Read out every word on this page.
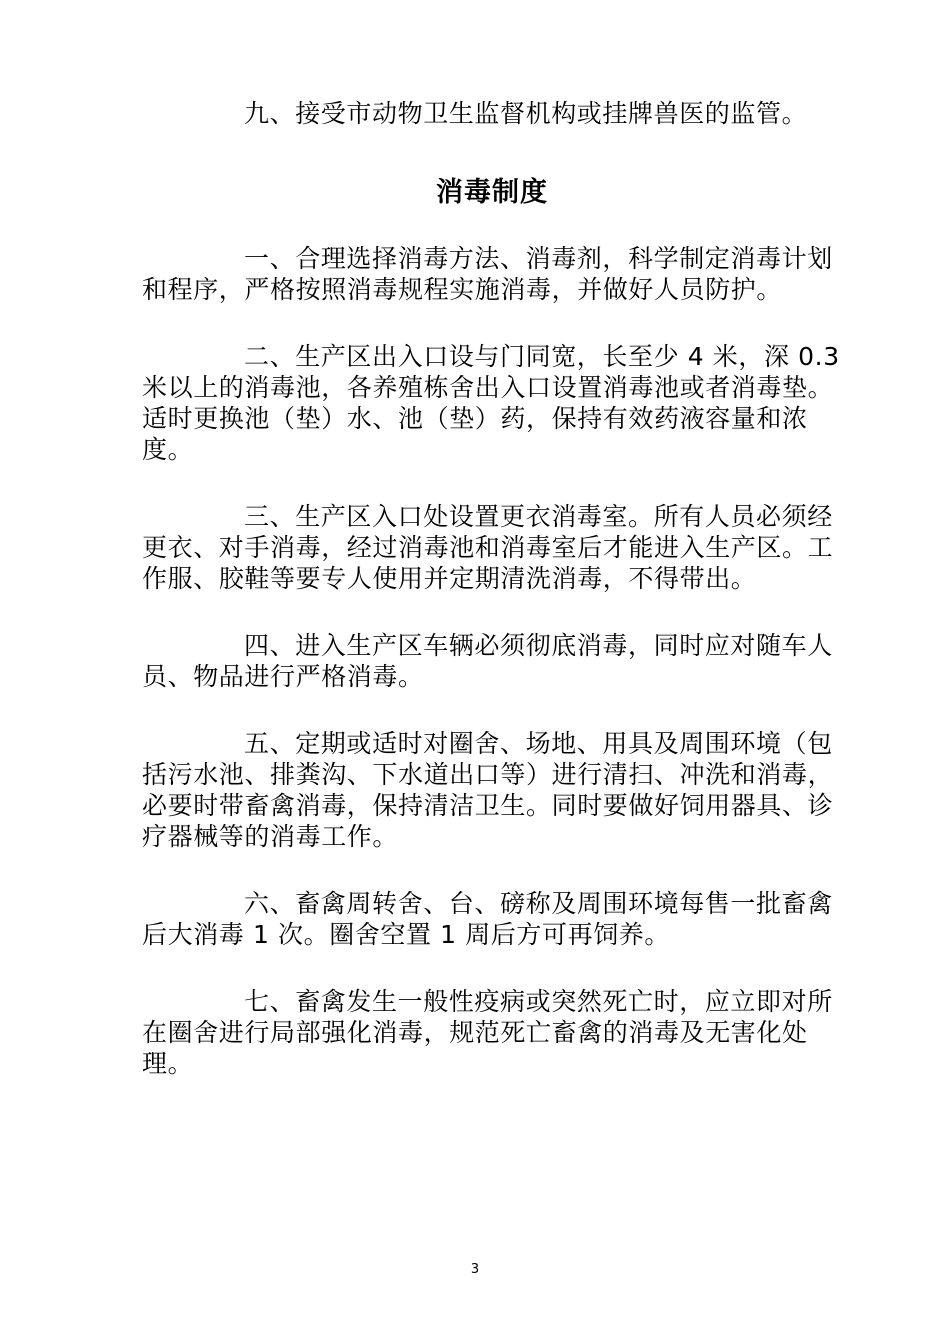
九、接受市动物卫生监督机构或挂牌兽医的监管。

消毒制度

一、合理选择消毒方法、消毒剂，科学制定消毒计划和程序，严格按照消毒规程实施消毒，并做好人员防护。

二、生产区出入口设与门同宽，长至少 4 米，深 0.3 米以上的消毒池，各养殖栋舍出入口设置消毒池或者消毒垫。适时更换池（垫）水、池（垫）药，保持有效药液容量和浓度。

三、生产区入口处设置更衣消毒室。所有人员必须经更衣、对手消毒，经过消毒池和消毒室后才能进入生产区。工作服、胶鞋等要专人使用并定期清洗消毒，不得带出。

四、进入生产区车辆必须彻底消毒，同时应对随车人员、物品进行严格消毒。

五、定期或适时对圈舍、场地、用具及周围环境（包括污水池、排粪沟、下水道出口等）进行清扫、冲洗和消毒，必要时带畜禽消毒，保持清洁卫生。同时要做好饲用器具、诊疗器械等的消毒工作。

六、畜禽周转舍、台、磅称及周围环境每售一批畜禽后大消毒 1 次。圈舍空置 1 周后方可再饲养。

七、畜禽发生一般性疫病或突然死亡时，应立即对所在圈舍进行局部强化消毒，规范死亡畜禽的消毒及无害化处理。

3
